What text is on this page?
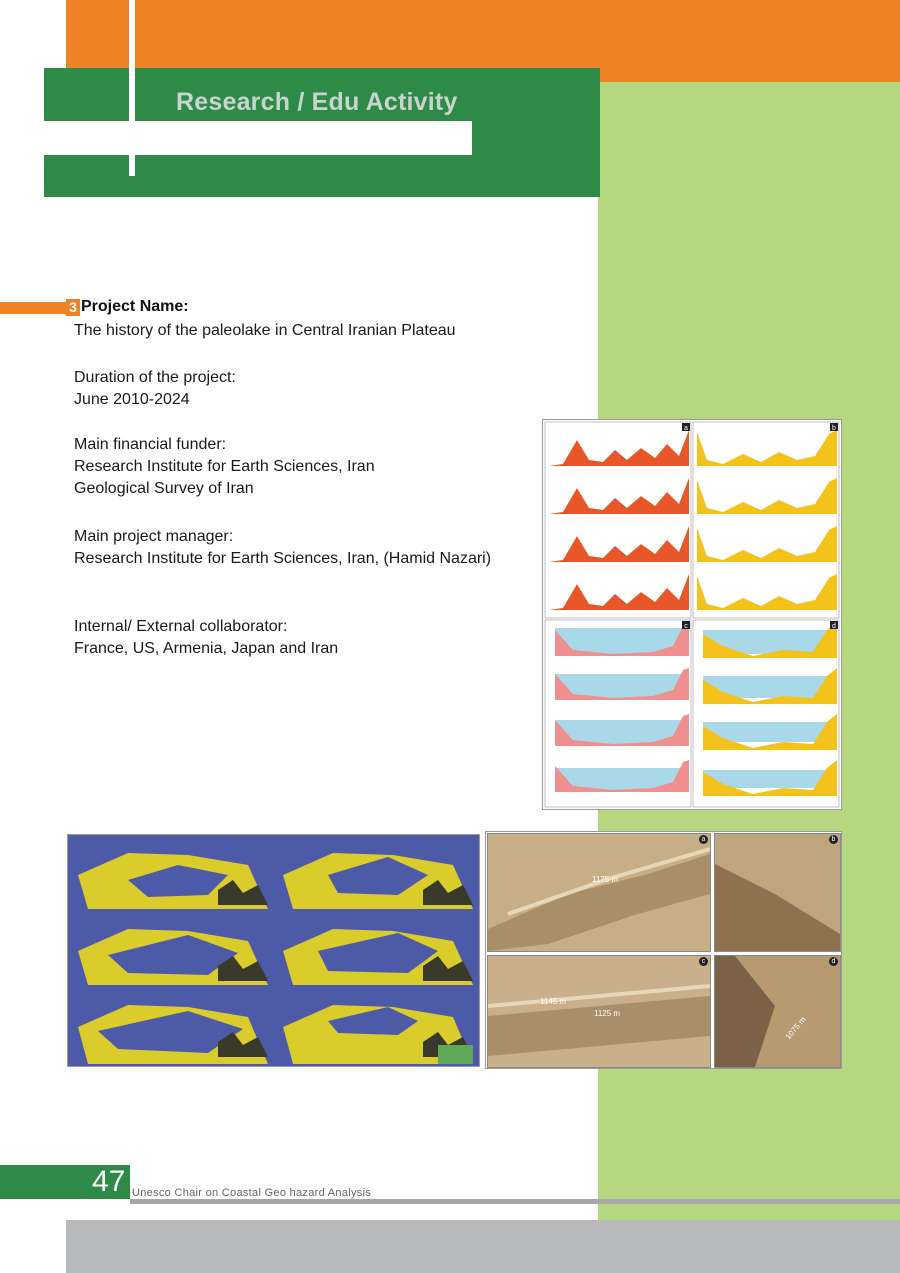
Research / Edu Activity
3 Project Name:
The history of the paleolake in Central Iranian Plateau
Duration of the project:
June 2010-2024
Main financial funder:
Research Institute for Earth Sciences, Iran
Geological Survey of Iran
Main project manager:
Research Institute for Earth Sciences, Iran, (Hamid Nazari)
Internal/ External collaborator:
France, US, Armenia, Japan and Iran
a	b
c	d
1175 m
a	b
1145 m
1125 m
c
1075 m
d
47 Unesco Chair on Coastal Geo hazard Analysis
